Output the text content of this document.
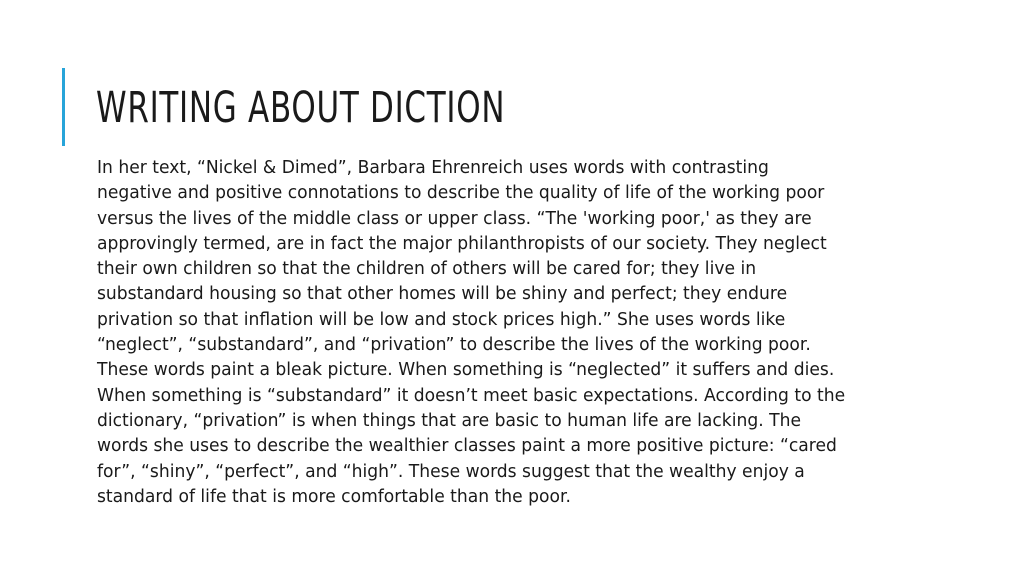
WRITING ABOUT DICTION
In her text, “Nickel & Dimed”, Barbara Ehrenreich uses words with contrasting
negative and positive connotations to describe the quality of life of the working poor
versus the lives of the middle class or upper class. “The 'working poor,' as they are
approvingly termed, are in fact the major philanthropists of our society. They neglect
their own children so that the children of others will be cared for; they live in
substandard housing so that other homes will be shiny and perfect; they endure
privation so that inflation will be low and stock prices high.” She uses words like
“neglect”, “substandard”, and “privation” to describe the lives of the working poor.
These words paint a bleak picture. When something is “neglected” it suffers and dies.
When something is “substandard” it doesn’t meet basic expectations. According to the
dictionary, “privation” is when things that are basic to human life are lacking. The
words she uses to describe the wealthier classes paint a more positive picture: “cared
for”, “shiny”, “perfect”, and “high”. These words suggest that the wealthy enjoy a
standard of life that is more comfortable than the poor.
